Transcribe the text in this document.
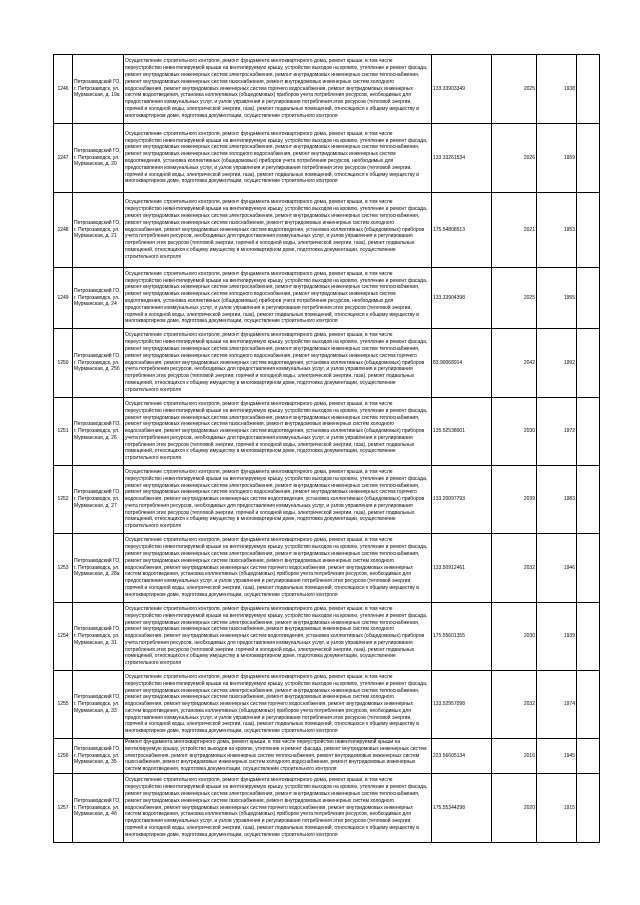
1246	Петрозаводский ГО, г. Петрозаводск, ул. Мурманская, д. 19а	Осуществление строительного контроля, ремонт фундамента многоквартирного дома, ремонт крыши, в том числе переустройство невентилируемой крыши на вентилируемую крышу, устройство выходов на кровлю, утепление и ремонт фасада, ремонт внутридомовых инженерных систем электроснабжения, ремонт внутридомовых инженерных систем теплоснабжения, ремонт внутридомовых инженерных систем газоснабжения, ремонт внутридомовых инженерных систем холодного водоснабжения, ремонт внутридомовых инженерных систем горячего водоснабжения, ремонт внутридомовых инженерных систем водоотведения, установка коллективных (общедомовых) приборов учета потребления ресурсов, необходимых для предоставления коммунальных услуг, и узлов управления и регулирования потребления этих ресурсов (тепловой энергии, горячей и холодной воды, электрической энергии, газа), ремонт подвальных помещений, относящихся к общему имуществу в многоквартирном доме, подготовка документации, осуществление строительного контроля	133.33903349	2025	1938	
1247	Петрозаводский ГО, г. Петрозаводск, ул. Мурманская, д. 20	Осуществление строительного контроля, ремонт фундамента многоквартирного дома, ремонт крыши, в том числе переустройство невентилируемой крыши на вентилируемую крышу, устройство выходов на кровлю, утепление и ремонт фасада, ремонт внутридомовых инженерных систем электроснабжения, ремонт внутридомовых инженерных систем теплоснабжения, ремонт внутридомовых инженерных систем холодного водоснабжения, ремонт внутридомовых инженерных систем водоотведения, установка коллективных (общедомовых) приборов учета потребления ресурсов, необходимых для предоставления коммунальных услуг, и узлов управления и регулирования потребления этих ресурсов (тепловой энергии, горячей и холодной воды, электрической энергии, газа), ремонт подвальных помещений, относящихся к общему имуществу в многоквартирном доме, подготовка документации, осуществление строительного контроля	133.33261534	2026	1959	
1248	Петрозаводский ГО, г. Петрозаводск, ул. Мурманская, д. 21	Осуществление строительного контроля, ремонт фундамента многоквартирного дома, ремонт крыши, в том числе переустройство невентилируемой крыши на вентилируемую крышу, устройство выходов на кровлю, утепление и ремонт фасада, ремонт внутридомовых инженерных систем электроснабжения, ремонт внутридомовых инженерных систем теплоснабжения, ремонт внутридомовых инженерных систем газоснабжения, ремонт внутридомовых инженерных систем холодного водоснабжения, ремонт внутридомовых инженерных систем водоотведения, установка коллективных (общедомовых) приборов учета потребления ресурсов, необходимых для предоставления коммунальных услуг, и узлов управления и регулирования потребления этих ресурсов (тепловой энергии, горячей и холодной воды, электрической энергии, газа), ремонт подвальных помещений, относящихся к общему имуществу в многоквартирном доме, подготовка документации, осуществление строительного контроля	175.54808513	2021	1953	
1249	Петрозаводский ГО, г. Петрозаводск, ул. Мурманская, д. 24	Осуществление строительного контроля, ремонт фундамента многоквартирного дома, ремонт крыши, в том числе переустройство невентилируемой крыши на вентилируемую крышу, устройство выходов на кровлю, утепление и ремонт фасада, ремонт внутридомовых инженерных систем электроснабжения, ремонт внутридомовых инженерных систем теплоснабжения, ремонт внутридомовых инженерных систем холодного водоснабжения, ремонт внутридомовых инженерных систем водоотведения, установка коллективных (общедомовых) приборов учета потребления ресурсов, необходимых для предоставления коммунальных услуг, и узлов управления и регулирования потребления этих ресурсов (тепловой энергии, горячей и холодной воды, электрической энергии, газа), ремонт подвальных помещений, относящихся к общему имуществу в многоквартирном доме, подготовка документации, осуществление строительного контроля	133.33904398	2025	1955	
1250	Петрозаводский ГО, г. Петрозаводск, ул. Мурманская, д. 25б	Осуществление строительного контроля, ремонт фундамента многоквартирного дома, ремонт крыши, в том числе переустройство невентилируемой крыши на вентилируемую крышу, устройство выходов на кровлю, утепление и ремонт фасада, ремонт внутридомовых инженерных систем электроснабжения, ремонт внутридомовых инженерных систем теплоснабжения, ремонт внутридомовых инженерных систем холодного водоснабжения, ремонт внутридомовых инженерных систем горячего водоснабжения, ремонт внутридомовых инженерных систем водоотведения, установка коллективных (общедомовых) приборов учета потребления ресурсов, необходимых для предоставления коммунальных услуг, и узлов управления и регулирования потребления этих ресурсов (тепловой энергии, горячей и холодной воды, электрической энергии, газа), ремонт подвальных помещений, относящихся к общему имуществу в многоквартирном доме, подготовка документации, осуществление строительного контроля	83.90068914	2042	1992	
1251	Петрозаводский ГО, г. Петрозаводск, ул. Мурманская, д. 26	Осуществление строительного контроля, ремонт фундамента многоквартирного дома, ремонт крыши, в том числе переустройство невентилируемой крыши на вентилируемую крышу, устройство выходов на кровлю, утепление и ремонт фасада, ремонт внутридомовых инженерных систем электроснабжения, ремонт внутридомовых инженерных систем теплоснабжения, ремонт внутридомовых инженерных систем газоснабжения, ремонт внутридомовых инженерных систем холодного водоснабжения, ремонт внутридомовых инженерных систем водоотведения, установка коллективных (общедомовых) приборов учета потребления ресурсов, необходимых для предоставления коммунальных услуг, и узлов управления и регулирования потребления этих ресурсов (тепловой энергии, горячей и холодной воды, электрической энергии, газа), ремонт подвальных помещений, относящихся к общему имуществу в многоквартирном доме, подготовка документации, осуществление строительного контроля	135.52538001	2030	1972	
1252	Петрозаводский ГО, г. Петрозаводск, ул. Мурманская, д. 27	Осуществление строительного контроля, ремонт фундамента многоквартирного дома, ремонт крыши, в том числе переустройство невентилируемой крыши на вентилируемую крышу, устройство выходов на кровлю, утепление и ремонт фасада, ремонт внутридомовых инженерных систем электроснабжения, ремонт внутридомовых инженерных систем теплоснабжения, ремонт внутридомовых инженерных систем холодного водоснабжения, ремонт внутридомовых инженерных систем горячего водоснабжения, ремонт внутридомовых инженерных систем водоотведения, установка коллективных (общедомовых) приборов учета потребления ресурсов, необходимых для предоставления коммунальных услуг, и узлов управления и регулирования потребления этих ресурсов (тепловой энергии, горячей и холодной воды, электрической энергии, газа), ремонт подвальных помещений, относящихся к общему имуществу в многоквартирном доме, подготовка документации, осуществление строительного контроля	133.20097793	2039	1983	
1253	Петрозаводский ГО, г. Петрозаводск, ул. Мурманская, д. 28а	Осуществление строительного контроля, ремонт фундамента многоквартирного дома, ремонт крыши, в том числе переустройство невентилируемой крыши на вентилируемую крышу, устройство выходов на кровлю, утепление и ремонт фасада, ремонт внутридомовых инженерных систем электроснабжения, ремонт внутридомовых инженерных систем теплоснабжения, ремонт внутридомовых инженерных систем газоснабжения, ремонт внутридомовых инженерных систем холодного водоснабжения, ремонт внутридомовых инженерных систем горячего водоснабжения, ремонт внутридомовых инженерных систем водоотведения, установка коллективных (общедомовых) приборов учета потребления ресурсов, необходимых для предоставления коммунальных услуг, и узлов управления и регулирования потребления этих ресурсов (тепловой энергии, горячей и холодной воды, электрической энергии, газа), ремонт подвальных помещений, относящихся к общему имуществу в многоквартирном доме, подготовка документации, осуществление строительного контроля	133.50912461	2032	1946	
1254	Петрозаводский ГО, г. Петрозаводск, ул. Мурманская, д. 31	Осуществление строительного контроля, ремонт фундамента многоквартирного дома, ремонт крыши, в том числе переустройство невентилируемой крыши на вентилируемую крышу, устройство выходов на кровлю, утепление и ремонт фасада, ремонт внутридомовых инженерных систем электроснабжения, ремонт внутридомовых инженерных систем теплоснабжения, ремонт внутридомовых инженерных систем газоснабжения, ремонт внутридомовых инженерных систем холодного водоснабжения, ремонт внутридомовых инженерных систем водоотведения, установка коллективных (общедомовых) приборов учета потребления ресурсов, необходимых для предоставления коммунальных услуг, и узлов управления и регулирования потребления этих ресурсов (тепловой энергии, горячей и холодной воды, электрической энергии, газа), ремонт подвальных помещений, относящихся к общему имуществу в многоквартирном доме, подготовка документации, осуществление строительного контроля	175.55601355	2030	1939	
1255	Петрозаводский ГО, г. Петрозаводск, ул. Мурманская, д. 33	Осуществление строительного контроля, ремонт фундамента многоквартирного дома, ремонт крыши, в том числе переустройство невентилируемой крыши на вентилируемую крышу, устройство выходов на кровлю, утепление и ремонт фасада, ремонт внутридомовых инженерных систем электроснабжения, ремонт внутридомовых инженерных систем теплоснабжения, ремонт внутридомовых инженерных систем газоснабжения, ремонт внутридомовых инженерных систем холодного водоснабжения, ремонт внутридомовых инженерных систем горячего водоснабжения, ремонт внутридомовых инженерных систем водоотведения, установка коллективных (общедомовых) приборов учета потребления ресурсов, необходимых для предоставления коммунальных услуг, и узлов управления и регулирования потребления этих ресурсов (тепловой энергии, горячей и холодной воды, электрической энергии, газа), ремонт подвальных помещений, относящихся к общему имуществу в многоквартирном доме, подготовка документации, осуществление строительного контроля	133.52957098	2032	1974	
1256	Петрозаводский ГО, г. Петрозаводск, ул. Мурманская, д. 35	Ремонт фундамента многоквартирного дома, ремонт крыши, в том числе переустройство невентилируемой крыши на вентилируемую крышу, устройство выходов на кровлю, утепление и ремонт фасада, ремонт внутридомовых инженерных систем электроснабжения, ремонт внутридомовых инженерных систем теплоснабжения, ремонт внутридомовых инженерных систем газоснабжения, ремонт внутридомовых инженерных систем холодного водоснабжения, ремонт внутридомовых инженерных систем водоотведения, подготовка документации, осуществление строительного контроля	223.56605134	2016	1945	
1257	Петрозаводский ГО, г. Петрозаводск, ул. Мурманская, д. 4б	Осуществление строительного контроля, ремонт фундамента многоквартирного дома, ремонт крыши, в том числе переустройство невентилируемой крыши на вентилируемую крышу, устройство выходов на кровлю, утепление и ремонт фасада, ремонт внутридомовых инженерных систем электроснабжения, ремонт внутридомовых инженерных систем теплоснабжения, ремонт внутридомовых инженерных систем газоснабжения, ремонт внутридомовых инженерных систем холодного водоснабжения, ремонт внутридомовых инженерных систем горячего водоснабжения, ремонт внутридомовых инженерных систем водоотведения, установка коллективных (общедомовых) приборов учета потребления ресурсов, необходимых для предоставления коммунальных услуг, и узлов управления и регулирования потребления этих ресурсов (тепловой энергии, горячей и холодной воды, электрической энергии, газа), ремонт подвальных помещений, относящихся к общему имуществу в многоквартирном доме, подготовка документации, осуществление строительного контроля	175.55344298	2020	1915	
